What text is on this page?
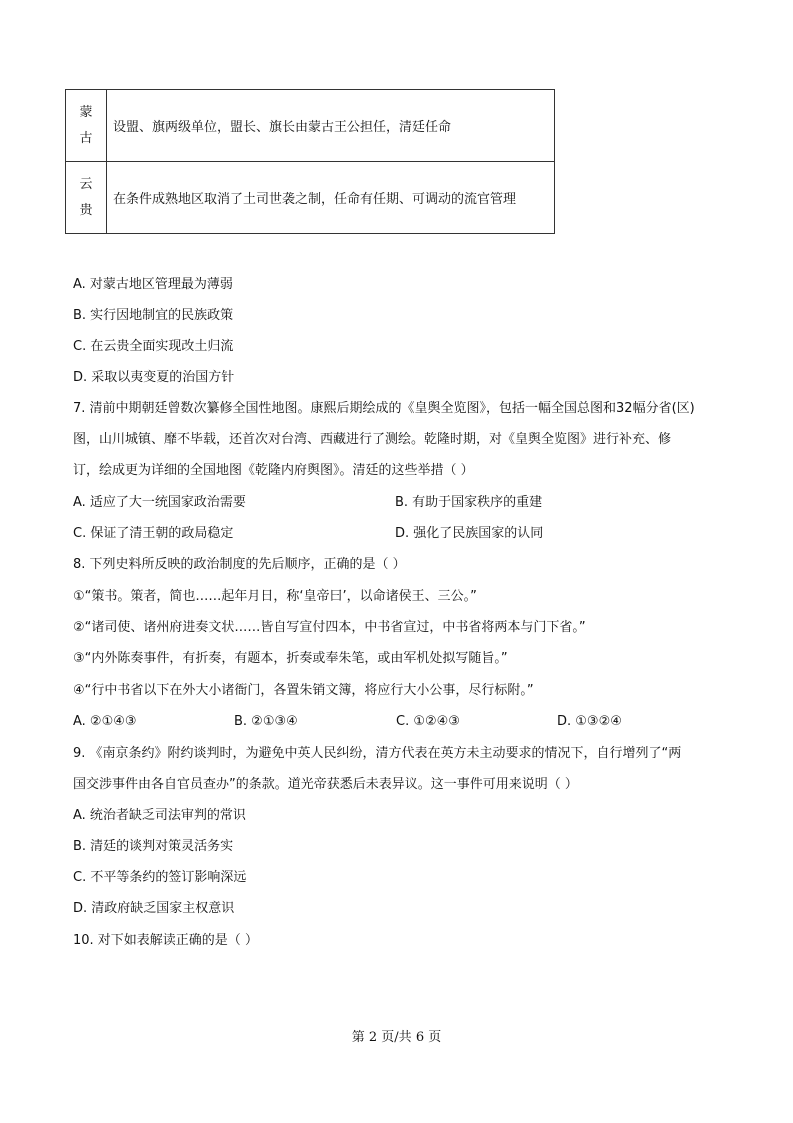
蒙
古	设盟、旗两级单位，盟长、旗长由蒙古王公担任，清廷任命

云
贵	在条件成熟地区取消了土司世袭之制，任命有任期、可调动的流官管理
A. 对蒙古地区管理最为薄弱
B. 实行因地制宜的民族政策
C. 在云贵全面实现改土归流
D. 采取以夷变夏的治国方针
7. 清前中期朝廷曾数次纂修全国性地图。康熙后期绘成的《皇舆全览图》，包括一幅全国总图和32幅分省(区)
图，山川城镇、靡不毕载，还首次对台湾、西藏进行了测绘。乾隆时期，对《皇舆全览图》进行补充、修
订，绘成更为详细的全国地图《乾隆内府舆图》。清廷的这些举措（ ）
A. 适应了大一统国家政治需要	B. 有助于国家秩序的重建
C. 保证了清王朝的政局稳定	D. 强化了民族国家的认同
8. 下列史料所反映的政治制度的先后顺序，正确的是（ ）
①“策书。策者，简也……起年月日，称‘皇帝曰’，以命诸侯王、三公。”
②“诸司使、诸州府进奏文状……皆自写宣付四本，中书省宣过，中书省将两本与门下省。”
③“内外陈奏事件，有折奏，有题本，折奏或奉朱笔，或由军机处拟写随旨。”
④“行中书省以下在外大小诸衙门，各置朱销文簿，将应行大小公事，尽行标附。”
A. ②①④③	B. ②①③④	C. ①②④③	D. ①③②④
9. 《南京条约》附约谈判时，为避免中英人民纠纷，清方代表在英方未主动要求的情况下，自行增列了“两
国交涉事件由各自官员查办”的条款。道光帝获悉后未表异议。这一事件可用来说明（ ）
A. 统治者缺乏司法审判的常识
B. 清廷的谈判对策灵活务实
C. 不平等条约的签订影响深远
D. 清政府缺乏国家主权意识
10. 对下如表解读正确的是（ ）
第 2 页/共 6 页
